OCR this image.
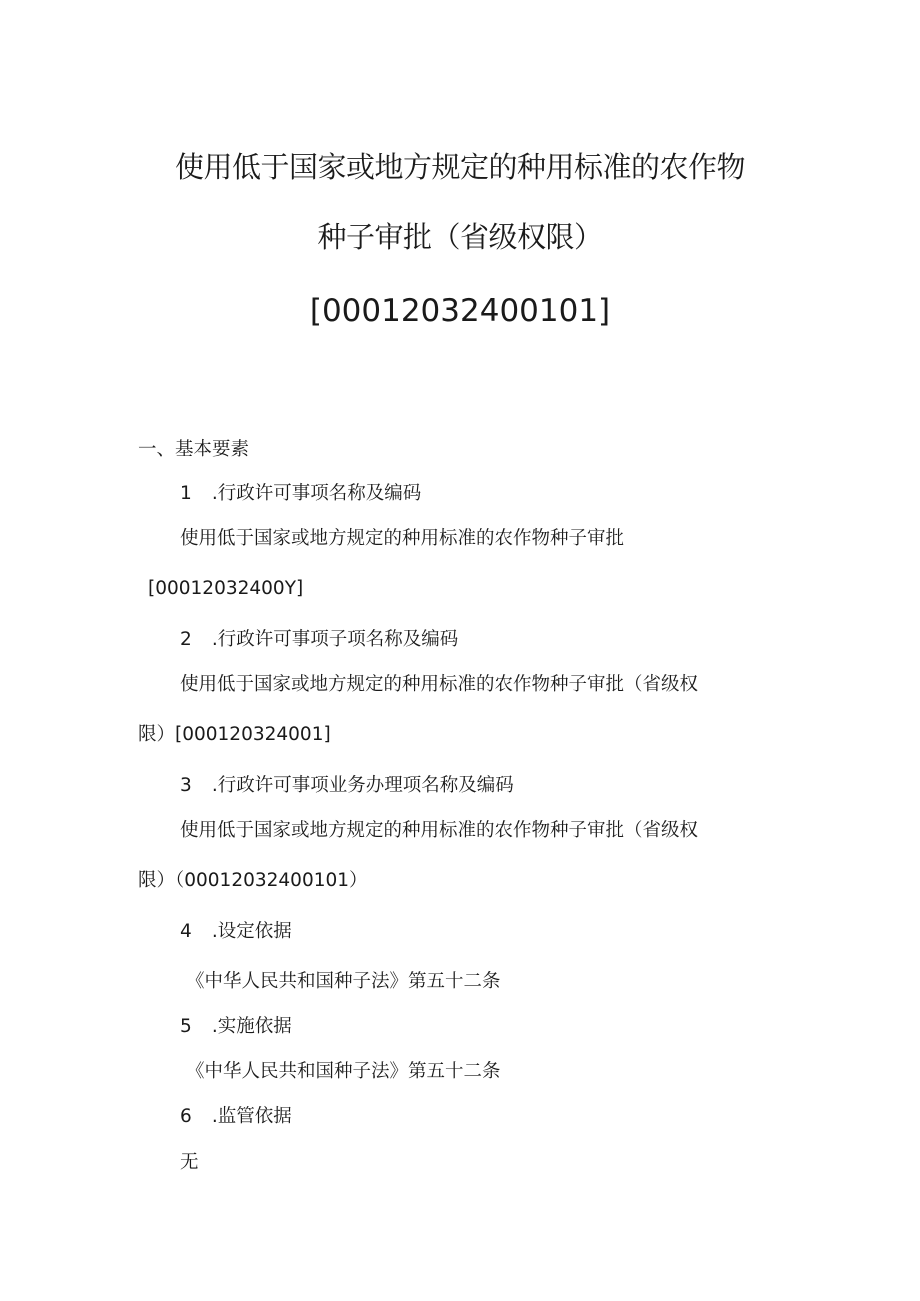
使用低于国家或地方规定的种用标准的农作物
种子审批（省级权限）
[00012032400101]
一、基本要素
1 .行政许可事项名称及编码
使用低于国家或地方规定的种用标准的农作物种子审批
[00012032400Y]
2 .行政许可事项子项名称及编码
使用低于国家或地方规定的种用标准的农作物种子审批（省级权
限）[000120324001]
3 .行政许可事项业务办理项名称及编码
使用低于国家或地方规定的种用标准的农作物种子审批（省级权
限）（00012032400101）
4 .设定依据
《中华人民共和国种子法》第五十二条
5 .实施依据
《中华人民共和国种子法》第五十二条
6 .监管依据
无
